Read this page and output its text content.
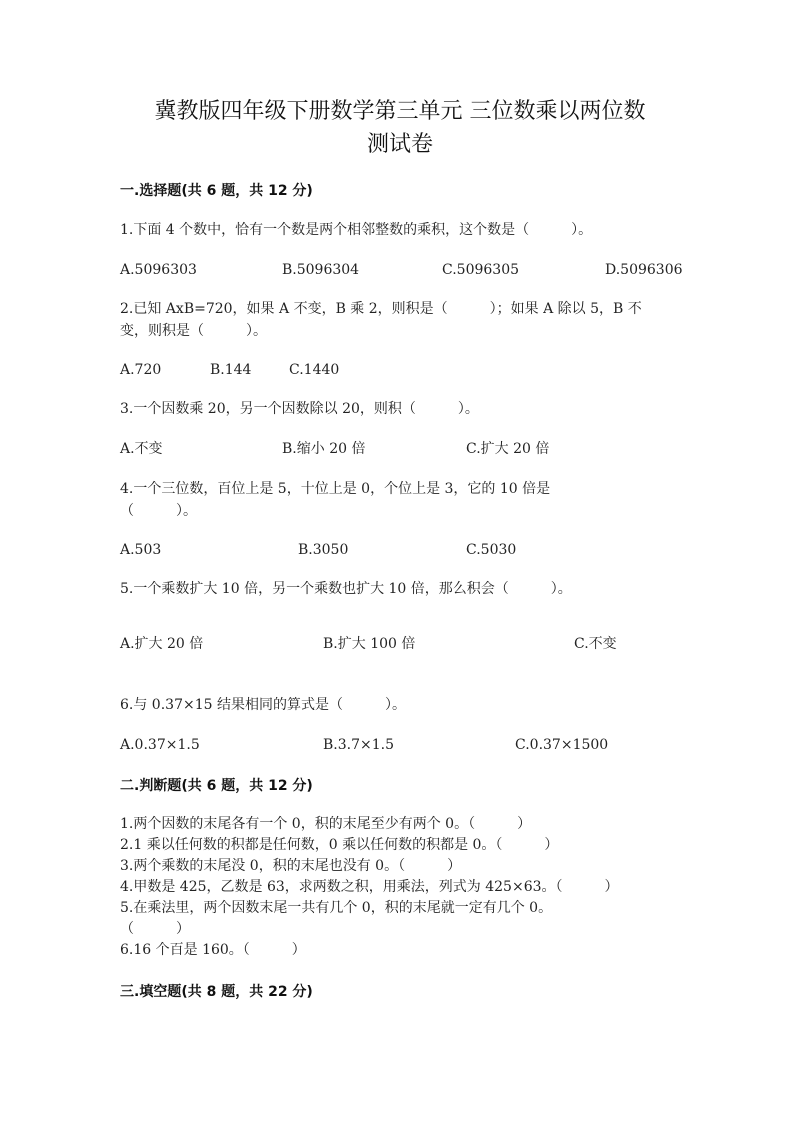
冀教版四年级下册数学第三单元 三位数乘以两位数
测试卷
一.选择题(共 6 题，共 12 分)
1.下面 4 个数中，恰有一个数是两个相邻整数的乘积，这个数是（　　　）。
A.5096303	B.5096304	C.5096305	D.5096306
2.已知 AxB=720，如果 A 不变，B 乘 2，则积是（　　　）；如果 A 除以 5，B 不
变，则积是（　　　）。
A.720	B.144	C.1440
3.一个因数乘 20，另一个因数除以 20，则积（　　　）。
A.不变	B.缩小 20 倍	C.扩大 20 倍
4.一个三位数，百位上是 5，十位上是 0，个位上是 3，它的 10 倍是
（　　　）。
A.503	B.3050	C.5030
5.一个乘数扩大 10 倍，另一个乘数也扩大 10 倍，那么积会（　　　）。
A.扩大 20 倍	B.扩大 100 倍	C.不变
6.与 0.37×15 结果相同的算式是（　　　）。
A.0.37×1.5	B.3.7×1.5	C.0.37×1500
二.判断题(共 6 题，共 12 分)
1.两个因数的末尾各有一个 0，积的末尾至少有两个 0。（　　　）
2.1 乘以任何数的积都是任何数，0 乘以任何数的积都是 0。（　　　）
3.两个乘数的末尾没 0，积的末尾也没有 0。（　　　）
4.甲数是 425，乙数是 63，求两数之积，用乘法，列式为 425×63。（　　　）
5.在乘法里，两个因数末尾一共有几个 0，积的末尾就一定有几个 0。
（　　　）
6.16 个百是 160。（　　　）
三.填空题(共 8 题，共 22 分)
